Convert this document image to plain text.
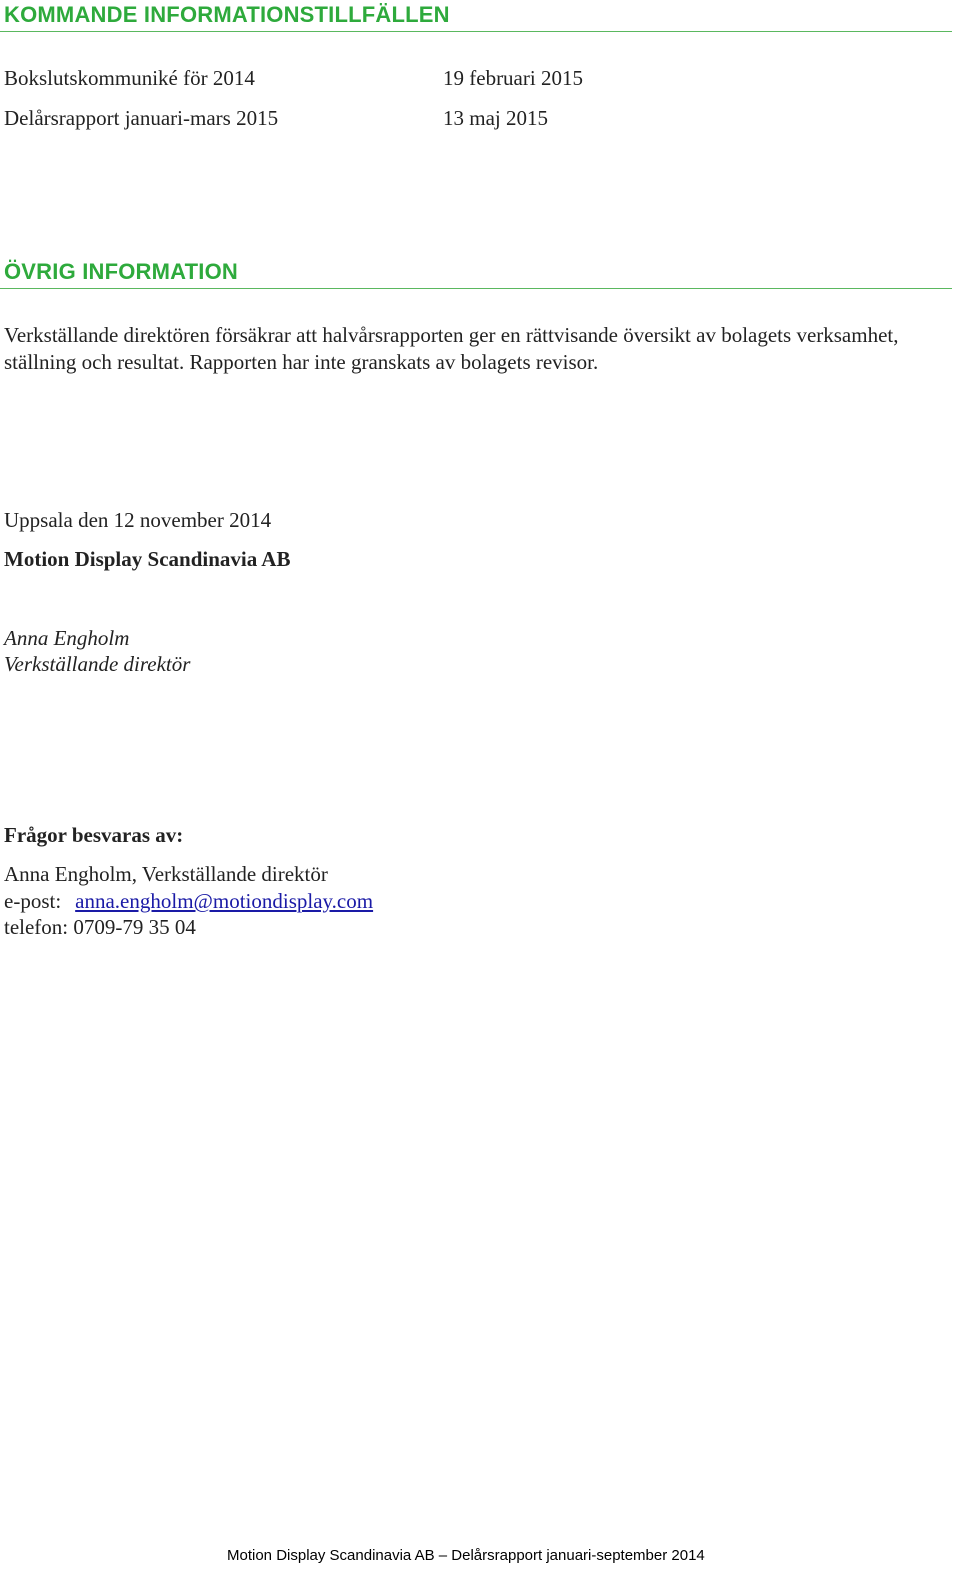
KOMMANDE INFORMATIONSTILLFÄLLEN
Bokslutskommuniké för 2014	19 februari 2015
Delårsrapport januari-mars 2015	13 maj 2015
ÖVRIG INFORMATION

Verkställande direktören försäkrar att halvårsrapporten ger en rättvisande översikt av bolagets verksamhet, ställning och resultat. Rapporten har inte granskats av bolagets revisor.

Uppsala den 12 november 2014

Motion Display Scandinavia AB

Anna Engholm

Verkställande direktör

Frågor besvaras av:

Anna Engholm, Verkställande direktör

e-post: anna.engholm@motiondisplay.com

telefon: 0709-79 35 04

Motion Display Scandinavia AB – Delårsrapport januari-september 2014
